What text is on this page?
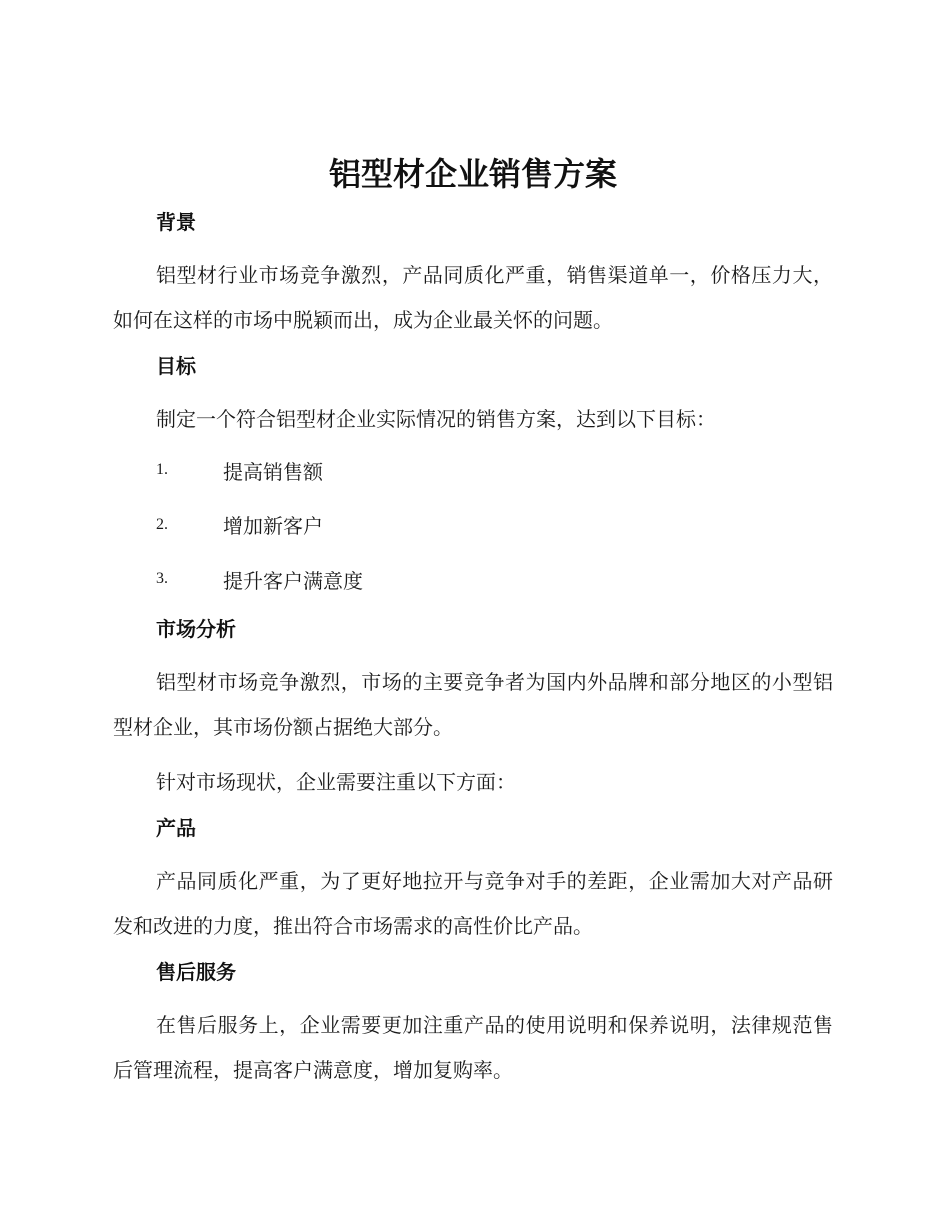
铝型材企业销售方案
背景

铝型材行业市场竞争激烈，产品同质化严重，销售渠道单一，价格压力大，如何在这样的市场中脱颖而出，成为企业最关怀的问题。

目标

制定一个符合铝型材企业实际情况的销售方案，达到以下目标：

1.	提高销售额
2.	增加新客户
3.	提升客户满意度
市场分析

铝型材市场竞争激烈，市场的主要竞争者为国内外品牌和部分地区的小型铝型材企业，其市场份额占据绝大部分。

针对市场现状，企业需要注重以下方面：

产品

产品同质化严重，为了更好地拉开与竞争对手的差距，企业需加大对产品研发和改进的力度，推出符合市场需求的高性价比产品。

售后服务

在售后服务上，企业需要更加注重产品的使用说明和保养说明，法律规范售后管理流程，提高客户满意度，增加复购率。
